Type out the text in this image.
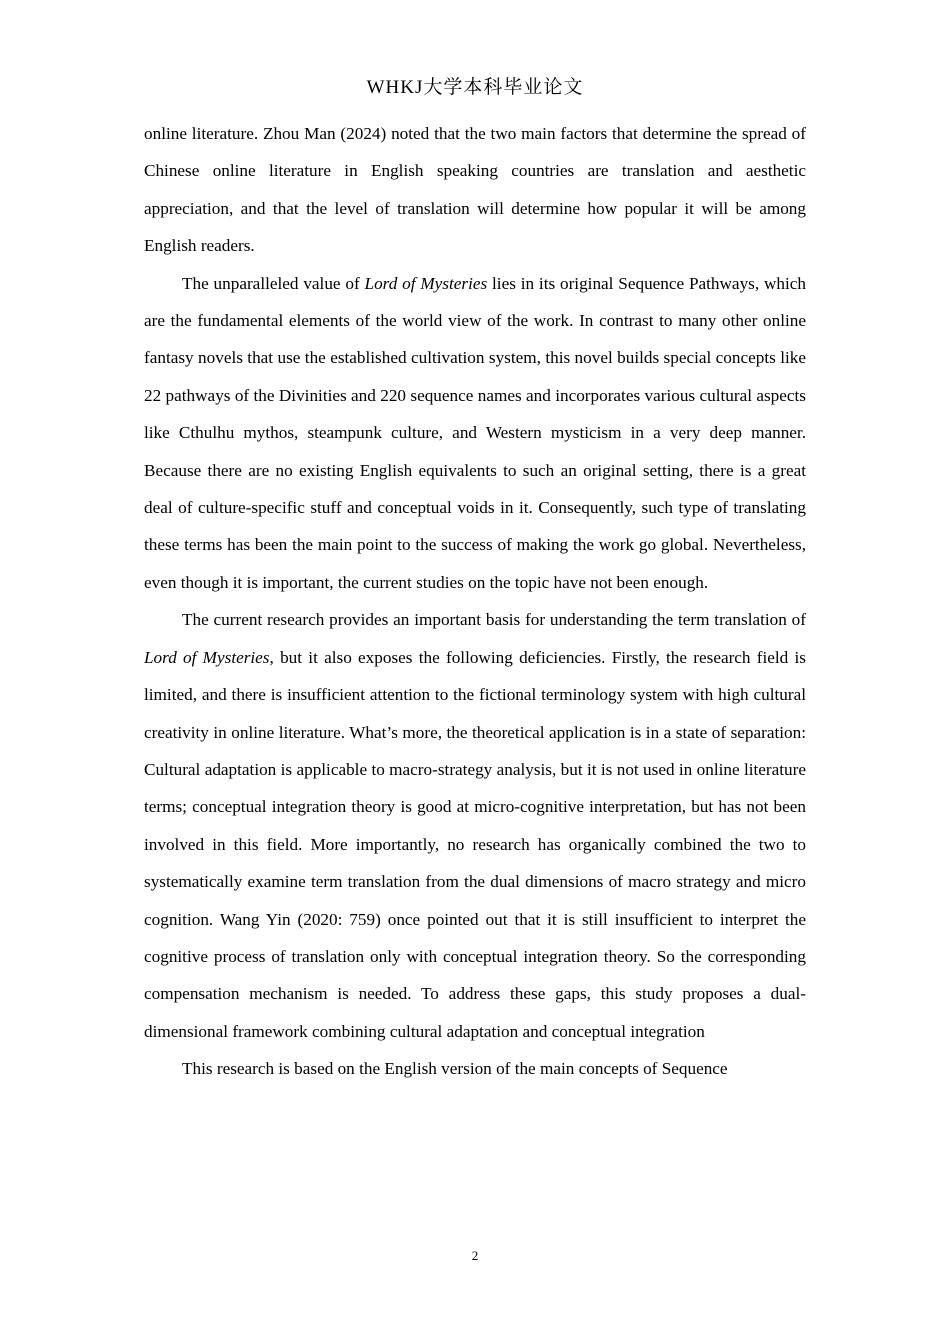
WHKJ大学本科毕业论文

online literature. Zhou Man (2024) noted that the two main factors that determine the spread of Chinese online literature in English speaking countries are translation and aesthetic appreciation, and that the level of translation will determine how popular it will be among English readers.

The unparalleled value of Lord of Mysteries lies in its original Sequence Pathways, which are the fundamental elements of the world view of the work. In contrast to many other online fantasy novels that use the established cultivation system, this novel builds special concepts like 22 pathways of the Divinities and 220 sequence names and incorporates various cultural aspects like Cthulhu mythos, steampunk culture, and Western mysticism in a very deep manner. Because there are no existing English equivalents to such an original setting, there is a great deal of culture-specific stuff and conceptual voids in it. Consequently, such type of translating these terms has been the main point to the success of making the work go global. Nevertheless, even though it is important, the current studies on the topic have not been enough.

The current research provides an important basis for understanding the term translation of Lord of Mysteries, but it also exposes the following deficiencies. Firstly, the research field is limited, and there is insufficient attention to the fictional terminology system with high cultural creativity in online literature. What’s more, the theoretical application is in a state of separation: Cultural adaptation is applicable to macro-strategy analysis, but it is not used in online literature terms; conceptual integration theory is good at micro-cognitive interpretation, but has not been involved in this field. More importantly, no research has organically combined the two to systematically examine term translation from the dual dimensions of macro strategy and micro cognition. Wang Yin (2020: 759) once pointed out that it is still insufficient to interpret the cognitive process of translation only with conceptual integration theory. So the corresponding compensation mechanism is needed. To address these gaps, this study proposes a dual-dimensional framework combining cultural adaptation and conceptual integration

This research is based on the English version of the main concepts of Sequence

2
